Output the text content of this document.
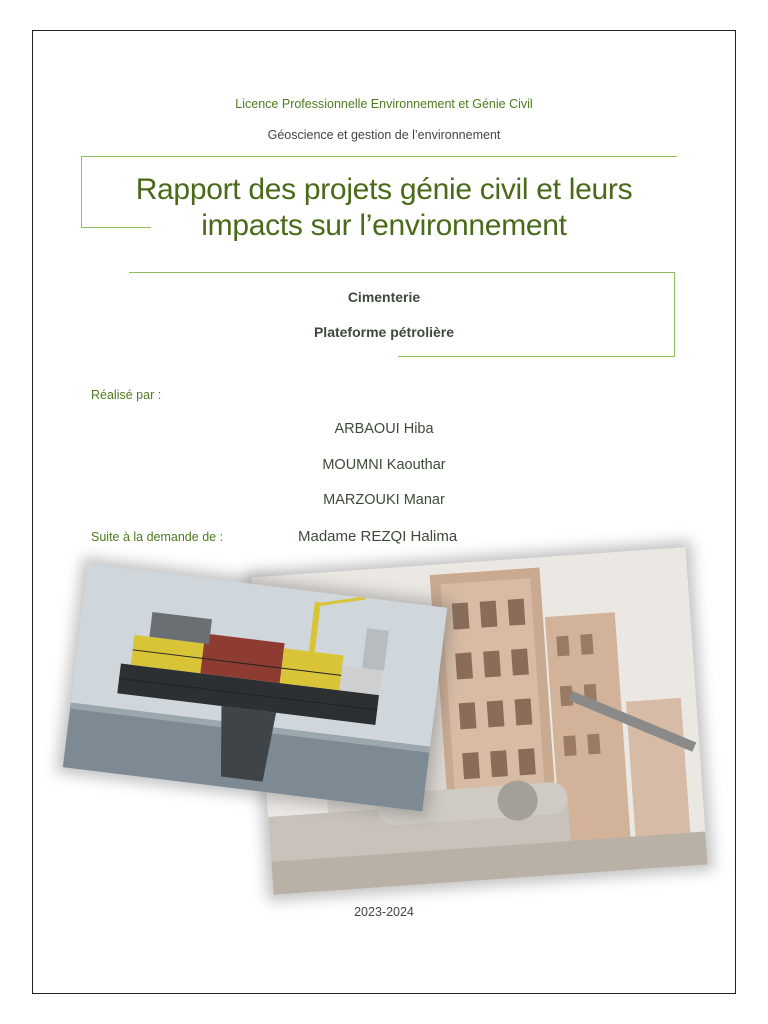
Licence Professionnelle Environnement et Génie Civil
Géoscience et gestion de l’environnement
Rapport des projets génie civil et leurs
impacts sur l’environnement
Cimenterie
Plateforme pétrolière
Réalisé par :
ARBAOUI Hiba
MOUMNI Kaouthar
MARZOUKI Manar
Suite à la demande de :	Madame REZQI Halima
2023-2024
